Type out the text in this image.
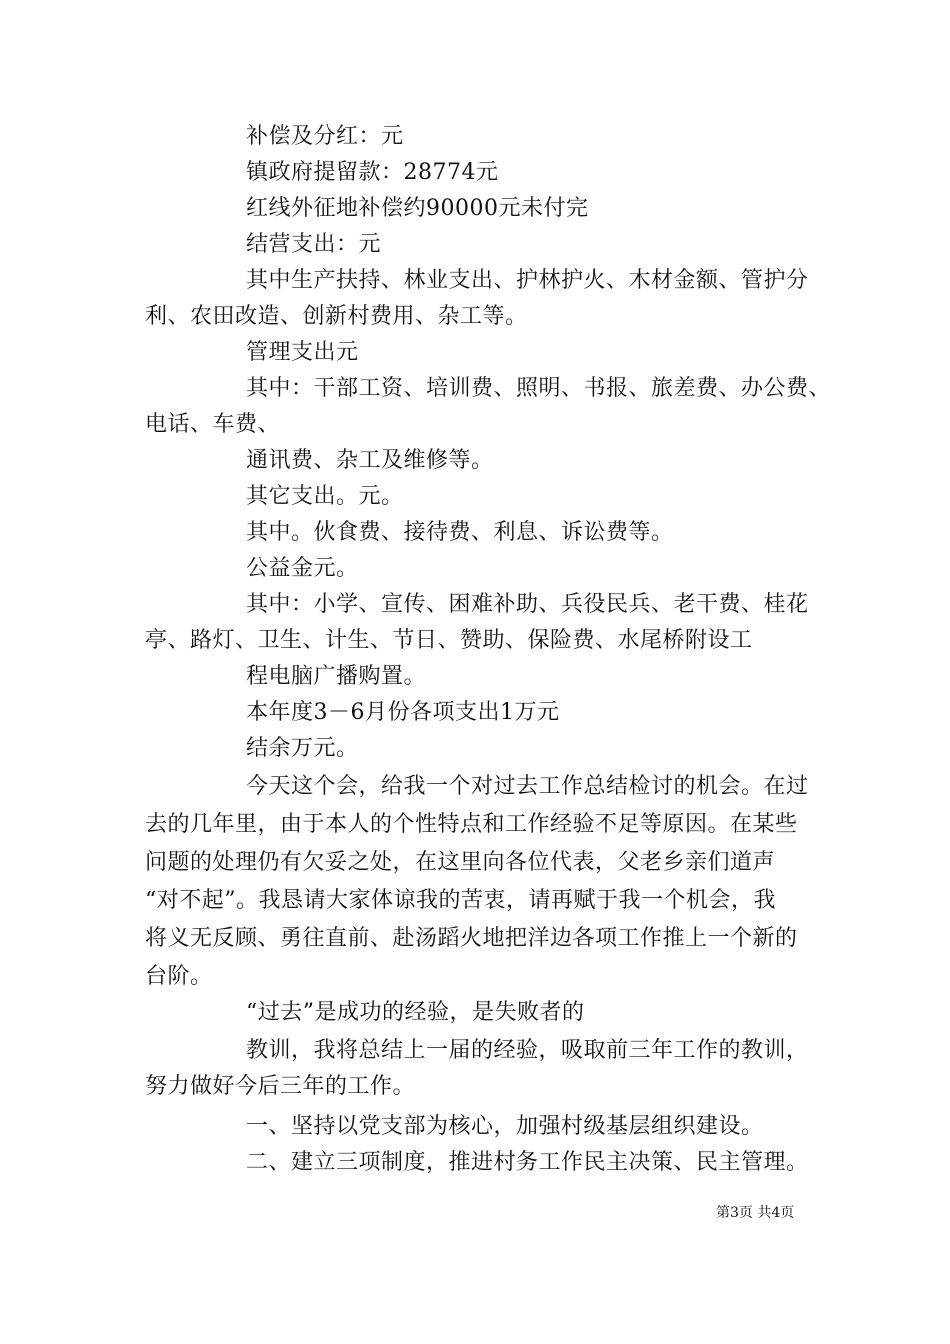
补偿及分红：元
镇政府提留款：28774元
红线外征地补偿约90000元未付完
结营支出：元
其中生产扶持、林业支出、护林护火、木材金额、管护分
利、农田改造、创新村费用、杂工等。
管理支出元
其中：干部工资、培训费、照明、书报、旅差费、办公费、
电话、车费、
通讯费、杂工及维修等。
其它支出。元。
其中。伙食费、接待费、利息、诉讼费等。
公益金元。
其中：小学、宣传、困难补助、兵役民兵、老干费、桂花
亭、路灯、卫生、计生、节日、赞助、保险费、水尾桥附设工
程电脑广播购置。
本年度3－6月份各项支出1万元
结余万元。
今天这个会，给我一个对过去工作总结检讨的机会。在过
去的几年里，由于本人的个性特点和工作经验不足等原因。在某些
问题的处理仍有欠妥之处，在这里向各位代表，父老乡亲们道声
“对不起”。我恳请大家体谅我的苦衷，请再赋于我一个机会，我
将义无反顾、勇往直前、赴汤蹈火地把洋边各项工作推上一个新的
台阶。
“过去”是成功的经验，是失败者的
教训，我将总结上一届的经验，吸取前三年工作的教训，
努力做好今后三年的工作。
一、坚持以党支部为核心，加强村级基层组织建设。
二、建立三项制度，推进村务工作民主决策、民主管理。
第3页 共4页
